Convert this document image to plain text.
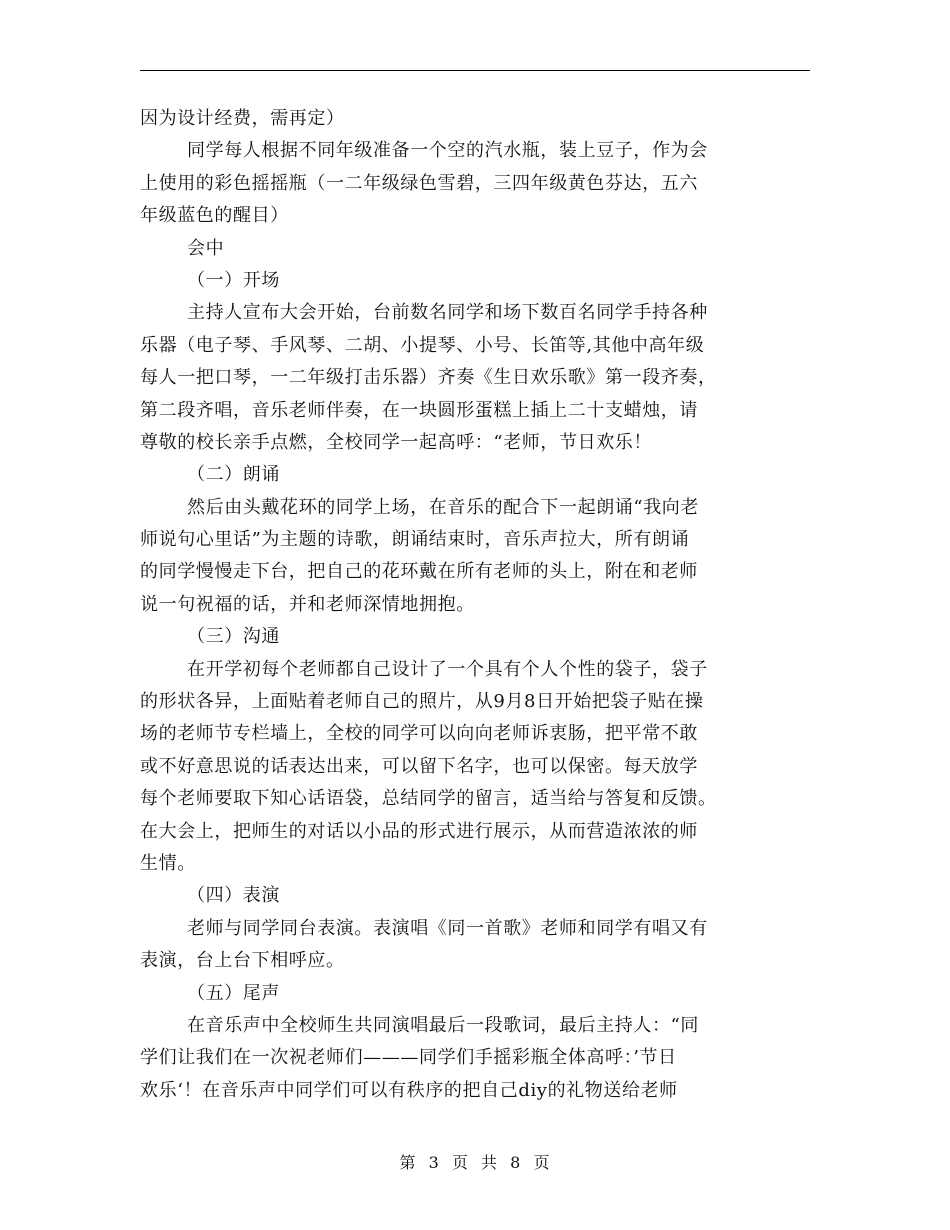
因为设计经费，需再定）
同学每人根据不同年级准备一个空的汽水瓶，装上豆子，作为会
上使用的彩色摇摇瓶（一二年级绿色雪碧，三四年级黄色芬达，五六
年级蓝色的醒目）
会中
（一）开场
主持人宣布大会开始，台前数名同学和场下数百名同学手持各种
乐器（电子琴、手风琴、二胡、小提琴、小号、长笛等,其他中高年级
每人一把口琴，一二年级打击乐器）齐奏《生日欢乐歌》第一段齐奏，
第二段齐唱，音乐老师伴奏，在一块圆形蛋糕上插上二十支蜡烛，请
尊敬的校长亲手点燃，全校同学一起高呼：“老师，节日欢乐！
（二）朗诵
然后由头戴花环的同学上场，在音乐的配合下一起朗诵“我向老
师说句心里话”为主题的诗歌，朗诵结束时，音乐声拉大，所有朗诵
的同学慢慢走下台，把自己的花环戴在所有老师的头上，附在和老师
说一句祝福的话，并和老师深情地拥抱。
（三）沟通
在开学初每个老师都自己设计了一个具有个人个性的袋子，袋子
的形状各异，上面贴着老师自己的照片，从9月8日开始把袋子贴在操
场的老师节专栏墙上，全校的同学可以向向老师诉衷肠，把平常不敢
或不好意思说的话表达出来，可以留下名字，也可以保密。每天放学
每个老师要取下知心话语袋，总结同学的留言，适当给与答复和反馈。
在大会上，把师生的对话以小品的形式进行展示，从而营造浓浓的师
生情。
（四）表演
老师与同学同台表演。表演唱《同一首歌》老师和同学有唱又有
表演，台上台下相呼应。
（五）尾声
在音乐声中全校师生共同演唱最后一段歌词，最后主持人：“同
学们让我们在一次祝老师们———同学们手摇彩瓶全体高呼：’节日
欢乐‘！在音乐声中同学们可以有秩序的把自己diy的礼物送给老师
第 3 页 共 8 页
